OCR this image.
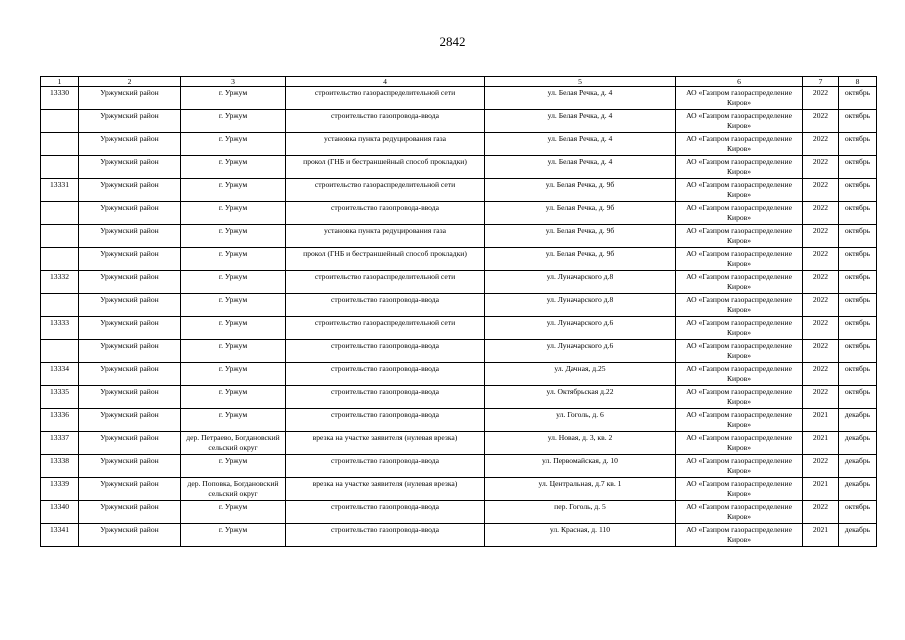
2842
1	2	3	4	5	6	7	8
13330	Уржумский район	г. Уржум	строительство газораспределительной сети	ул. Белая Речка, д. 4	АО «Газпром газораспределение Киров»	2022	октябрь
	Уржумский район	г. Уржум	строительство газопровода-ввода	ул. Белая Речка, д. 4	АО «Газпром газораспределение Киров»	2022	октябрь
	Уржумский район	г. Уржум	установка пункта редуцирования газа	ул. Белая Речка, д. 4	АО «Газпром газораспределение Киров»	2022	октябрь
	Уржумский район	г. Уржум	прокол (ГНБ и бестраншейный способ прокладки)	ул. Белая Речка, д. 4	АО «Газпром газораспределение Киров»	2022	октябрь
13331	Уржумский район	г. Уржум	строительство газораспределительной сети	ул. Белая Речка, д. 9б	АО «Газпром газораспределение Киров»	2022	октябрь
	Уржумский район	г. Уржум	строительство газопровода-ввода	ул. Белая Речка, д. 9б	АО «Газпром газораспределение Киров»	2022	октябрь
	Уржумский район	г. Уржум	установка пункта редуцирования газа	ул. Белая Речка, д. 9б	АО «Газпром газораспределение Киров»	2022	октябрь
	Уржумский район	г. Уржум	прокол (ГНБ и бестраншейный способ прокладки)	ул. Белая Речка, д. 9б	АО «Газпром газораспределение Киров»	2022	октябрь
13332	Уржумский район	г. Уржум	строительство газораспределительной сети	ул. Луначарского д.8	АО «Газпром газораспределение Киров»	2022	октябрь
	Уржумский район	г. Уржум	строительство газопровода-ввода	ул. Луначарского д.8	АО «Газпром газораспределение Киров»	2022	октябрь
13333	Уржумский район	г. Уржум	строительство газораспределительной сети	ул. Луначарского д.6	АО «Газпром газораспределение Киров»	2022	октябрь
	Уржумский район	г. Уржум	строительство газопровода-ввода	ул. Луначарского д.6	АО «Газпром газораспределение Киров»	2022	октябрь
13334	Уржумский район	г. Уржум	строительство газопровода-ввода	ул. Дачная, д.25	АО «Газпром газораспределение Киров»	2022	октябрь
13335	Уржумский район	г. Уржум	строительство газопровода-ввода	ул. Октябрьская д.22	АО «Газпром газораспределение Киров»	2022	октябрь
13336	Уржумский район	г. Уржум	строительство газопровода-ввода	ул. Гоголь, д. 6	АО «Газпром газораспределение Киров»	2021	декабрь
13337	Уржумский район	дер. Петраево, Богдановский сельский округ	врезка на участке заявителя (нулевая врезка)	ул. Новая, д. 3, кв. 2	АО «Газпром газораспределение Киров»	2021	декабрь
13338	Уржумский район	г. Уржум	строительство газопровода-ввода	ул. Первомайская, д. 10	АО «Газпром газораспределение Киров»	2022	декабрь
13339	Уржумский район	дер. Поповка, Богдановский сельский округ	врезка на участке заявителя (нулевая врезка)	ул. Центральная, д.7 кв. 1	АО «Газпром газораспределение Киров»	2021	декабрь
13340	Уржумский район	г. Уржум	строительство газопровода-ввода	пер. Гоголь, д. 5	АО «Газпром газораспределение Киров»	2022	октябрь
13341	Уржумский район	г. Уржум	строительство газопровода-ввода	ул. Красная, д. 110	АО «Газпром газораспределение Киров»	2021	декабрь
